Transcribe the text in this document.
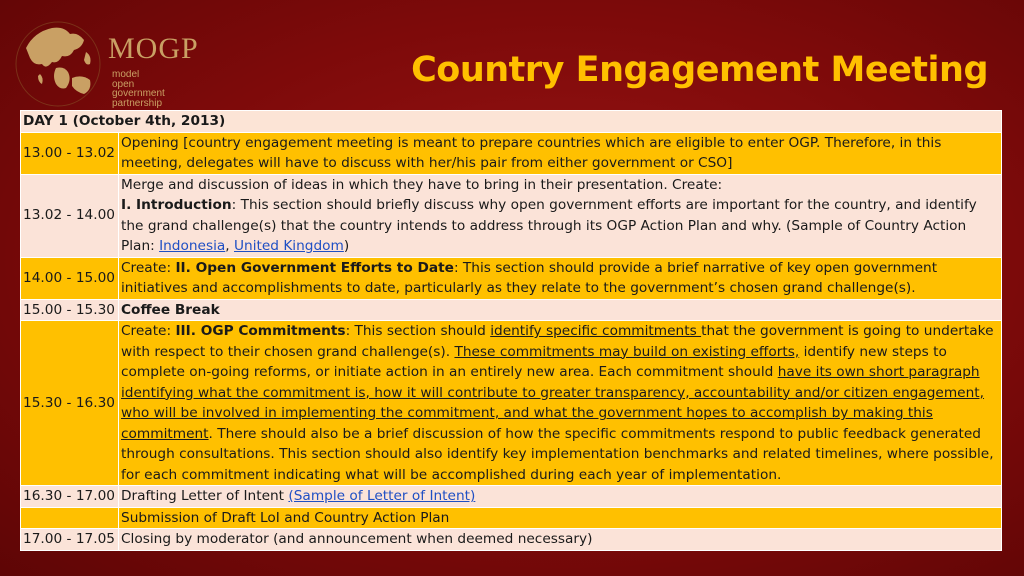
MOGP
model
open
government
partnership
Country Engagement Meeting
DAY 1 (October 4th, 2013)	
13.00 - 13.02	Opening [country engagement meeting is meant to prepare countries which are eligible to enter OGP. Therefore, in this meeting, delegates will have to discuss with her/his pair from either government or CSO]
13.02 - 14.00	Merge and discussion of ideas in which they have to bring in their presentation. Create:
I. Introduction: This section should briefly discuss why open government efforts are important for the country, and identify the grand challenge(s) that the country intends to address through its OGP Action Plan and why. (Sample of Country Action Plan: Indonesia, United Kingdom)
14.00 - 15.00	Create: II. Open Government Efforts to Date: This section should provide a brief narrative of key open government initiatives and accomplishments to date, particularly as they relate to the government’s chosen grand challenge(s).
15.00 - 15.30	Coffee Break
15.30 - 16.30	Create: III. OGP Commitments: This section should identify specific commitments that the government is going to undertake with respect to their chosen grand challenge(s). These commitments may build on existing efforts, identify new steps to complete on-going reforms, or initiate action in an entirely new area. Each commitment should have its own short paragraph identifying what the commitment is, how it will contribute to greater transparency, accountability and/or citizen engagement, who will be involved in implementing the commitment, and what the government hopes to accomplish by making this commitment. There should also be a brief discussion of how the specific commitments respond to public feedback generated through consultations. This section should also identify key implementation benchmarks and related timelines, where possible, for each commitment indicating what will be accomplished during each year of implementation.
16.30 - 17.00	Drafting Letter of Intent (Sample of Letter of Intent)
	Submission of Draft LoI and Country Action Plan
17.00 - 17.05	Closing by moderator (and announcement when deemed necessary)
